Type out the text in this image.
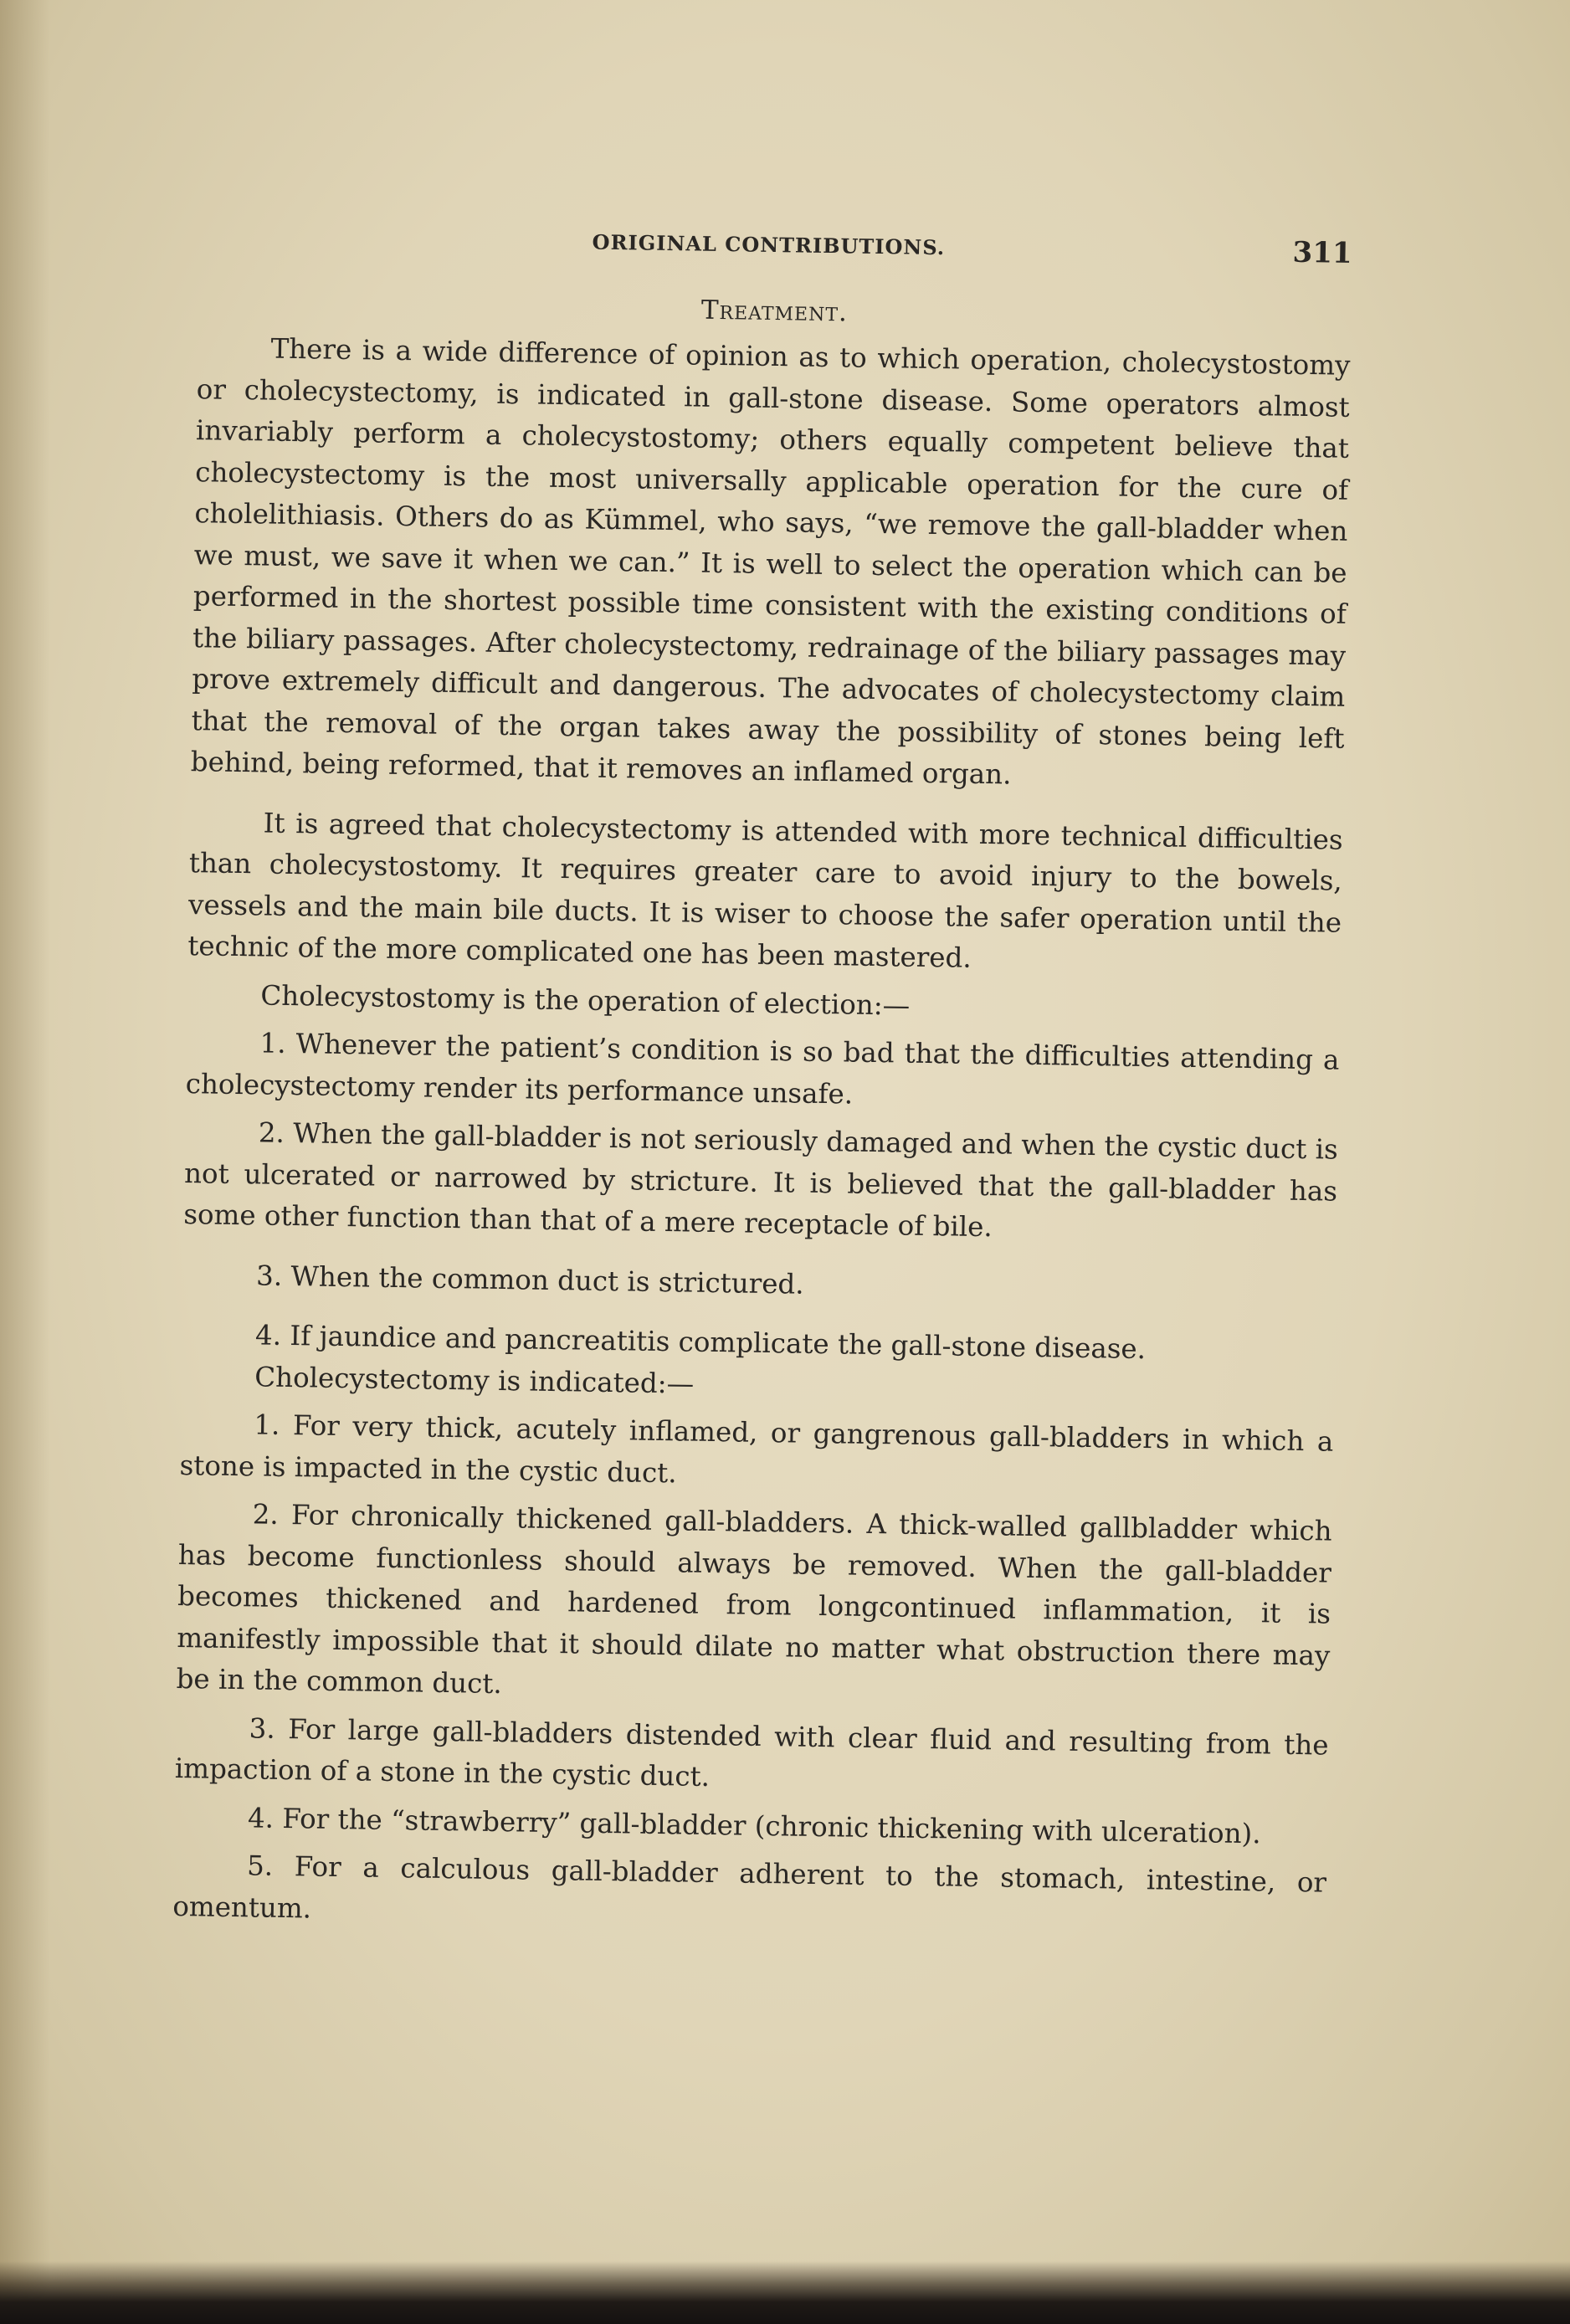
ORIGINAL CONTRIBUTIONS.	311
Treatment.

There is a wide difference of opinion as to which operation, cholecystostomy or cholecystectomy, is indicated in gall-stone disease. Some operators almost invariably perform a cholecystostomy; others equally competent believe that cholecystectomy is the most universally applicable operation for the cure of cholelithiasis. Others do as Kümmel, who says, “we remove the gall-bladder when we must, we save it when we can.” It is well to select the operation which can be performed in the shortest possible time consistent with the existing conditions of the biliary passages. After cholecystectomy, redrainage of the biliary passages may prove extremely difficult and dangerous. The advocates of cholecystectomy claim that the removal of the organ takes away the possibility of stones being left behind, being reformed, that it removes an inflamed organ.

It is agreed that cholecystectomy is attended with more technical difficulties than cholecystostomy. It requires greater care to avoid injury to the bowels, vessels and the main bile ducts. It is wiser to choose the safer operation until the technic of the more complicated one has been mastered.

Cholecystostomy is the operation of election:—

1. Whenever the patient’s condition is so bad that the difficulties attending a cholecystectomy render its performance unsafe.

2. When the gall-bladder is not seriously damaged and when the cystic duct is not ulcerated or narrowed by stricture. It is believed that the gall-bladder has some other function than that of a mere receptacle of bile.

3. When the common duct is strictured.

4. If jaundice and pancreatitis complicate the gall-stone disease.

Cholecystectomy is indicated:—

1. For very thick, acutely inflamed, or gangrenous gall-bladders in which a stone is impacted in the cystic duct.

2. For chronically thickened gall-bladders. A thick-walled gallbladder which has become functionless should always be removed. When the gall-bladder becomes thickened and hardened from longcontinued inflammation, it is manifestly impossible that it should dilate no matter what obstruction there may be in the common duct.

3. For large gall-bladders distended with clear fluid and resulting from the impaction of a stone in the cystic duct.

4. For the “strawberry” gall-bladder (chronic thickening with ulceration).

5. For a calculous gall-bladder adherent to the stomach, intestine, or omentum.
